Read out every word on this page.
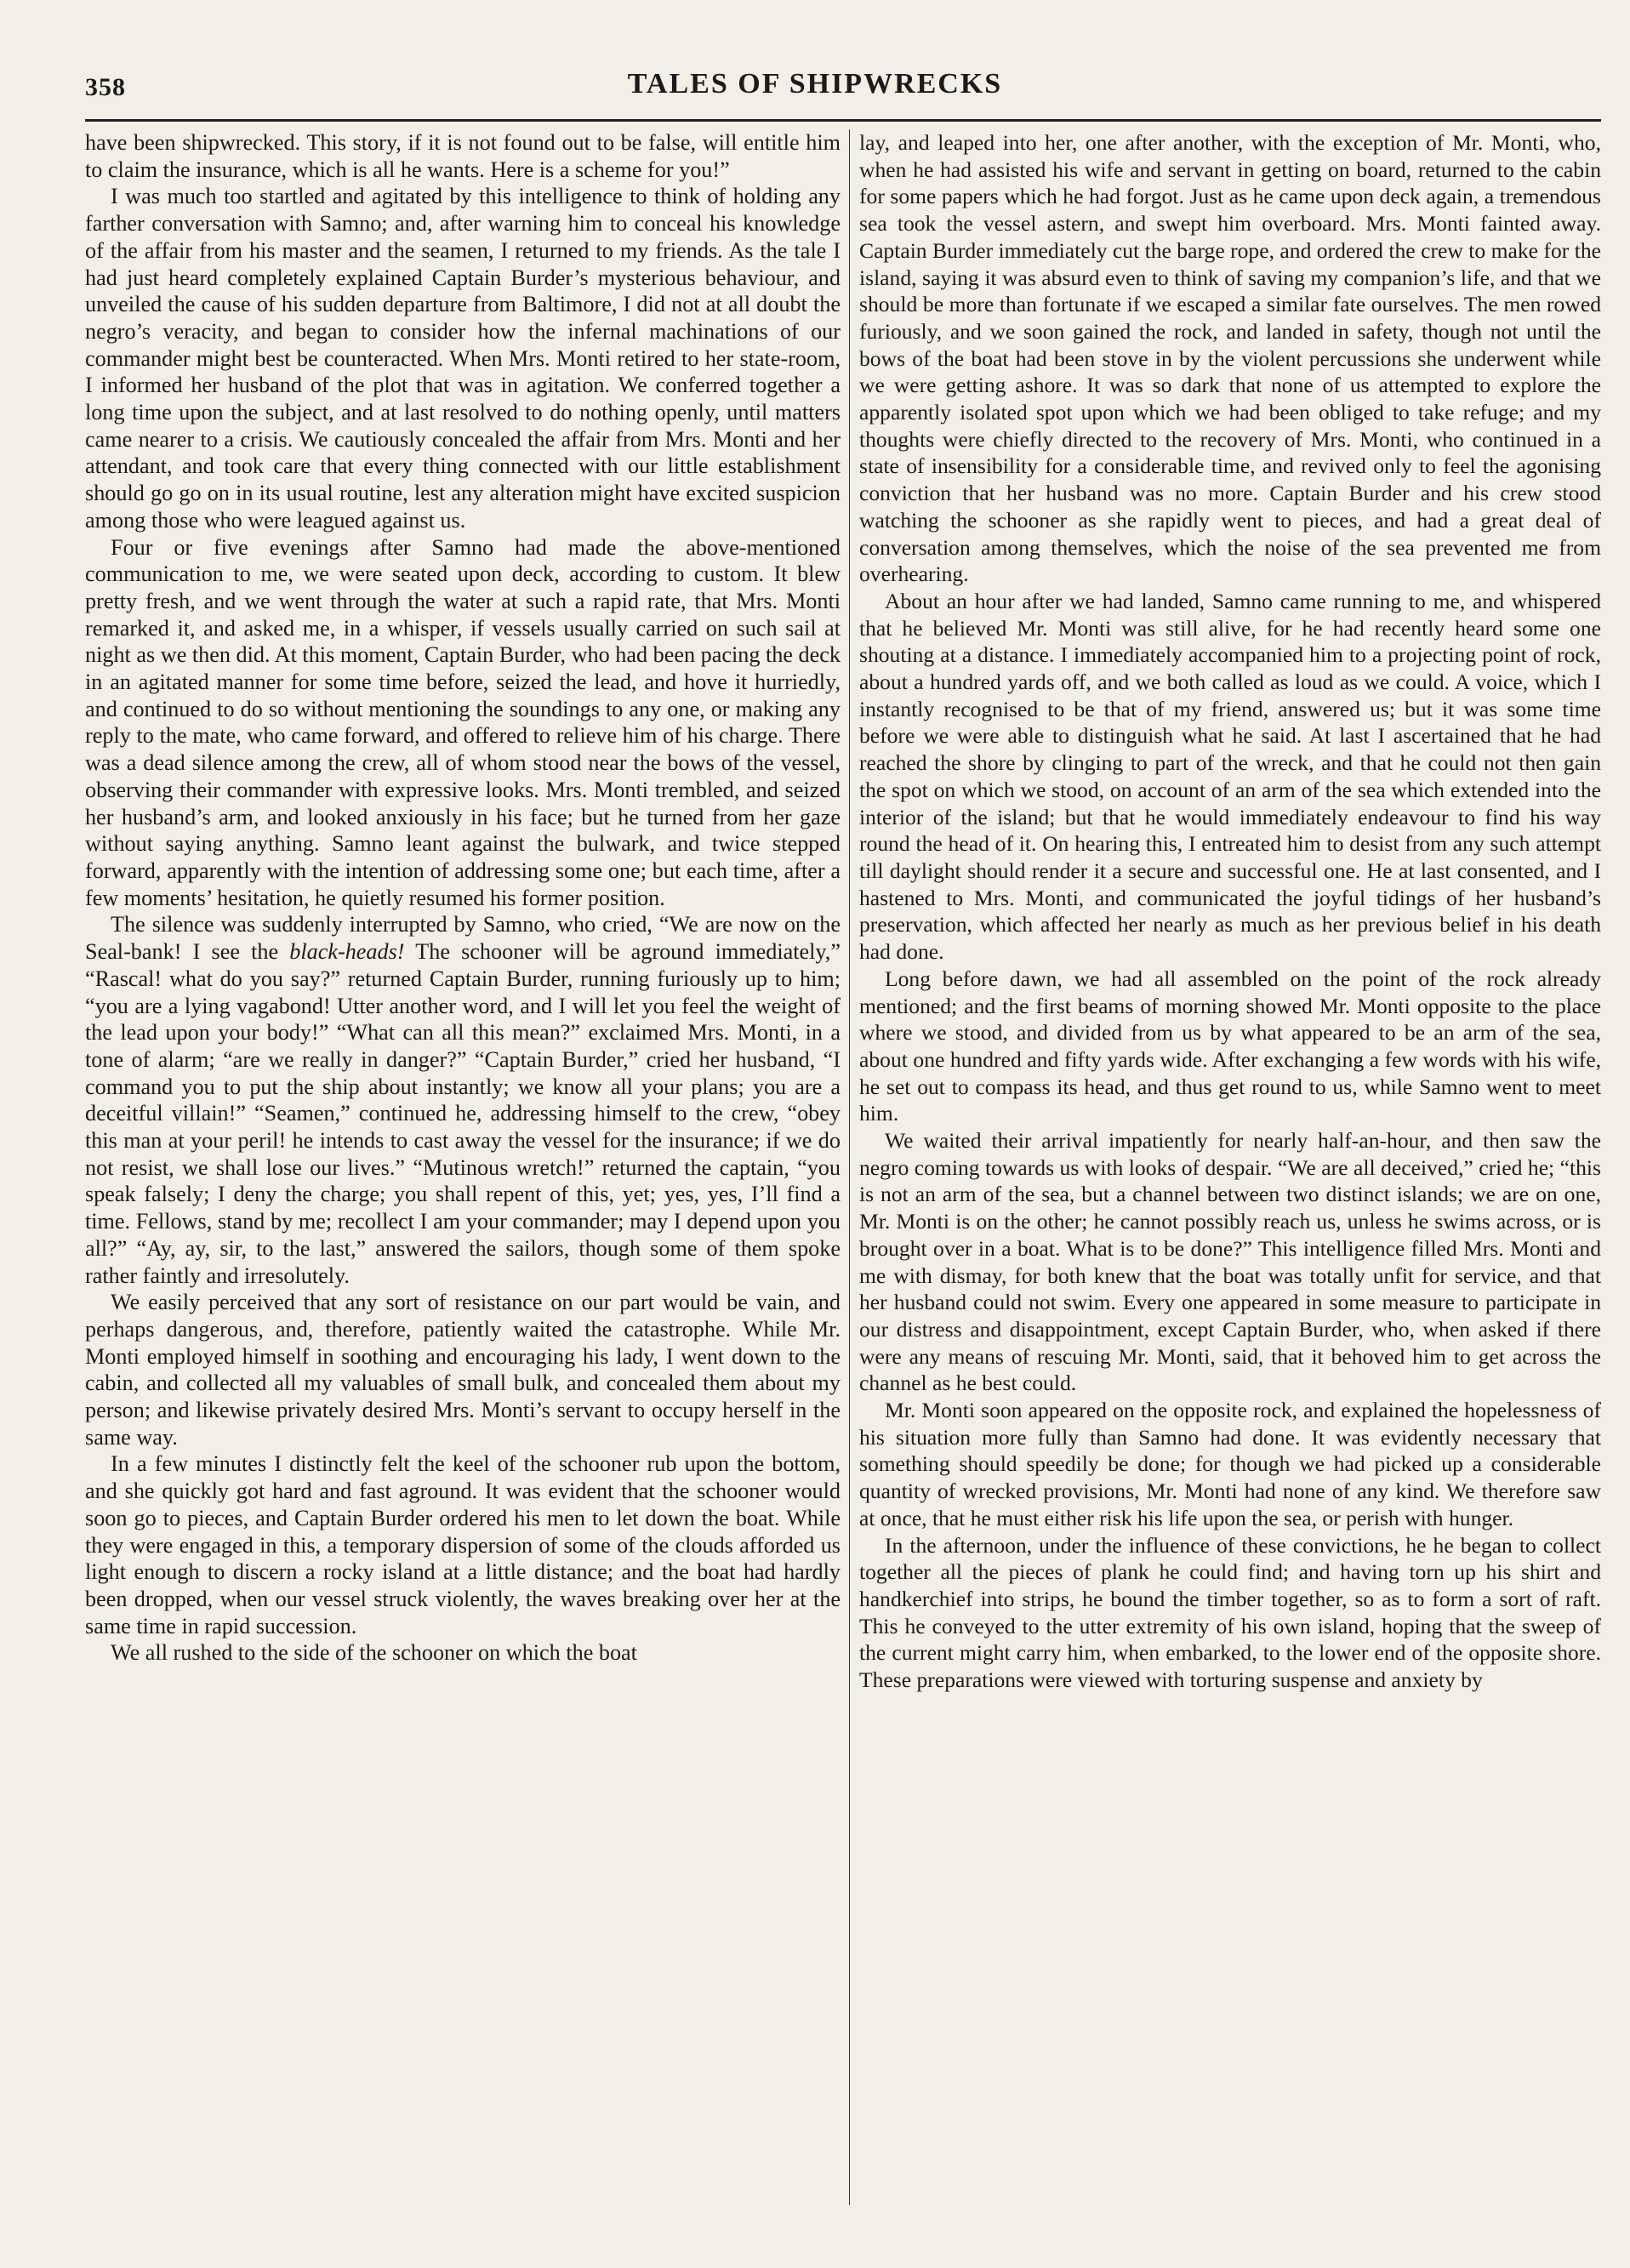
358	TALES OF SHIPWRECKS

have been shipwrecked. This story, if it is not found out to be false, will entitle him to claim the insurance, which is all he wants. Here is a scheme for you!”

I was much too startled and agitated by this intelligence to think of holding any farther conversation with Samno; and, after warning him to conceal his knowledge of the affair from his master and the seamen, I returned to my friends. As the tale I had just heard completely explained Captain Burder’s mysterious behaviour, and unveiled the cause of his sudden departure from Baltimore, I did not at all doubt the negro’s veracity, and began to consider how the infernal machinations of our commander might best be counteracted. When Mrs. Monti retired to her state-room, I informed her husband of the plot that was in agitation. We conferred together a long time upon the subject, and at last resolved to do nothing openly, until matters came nearer to a crisis. We cautiously concealed the affair from Mrs. Monti and her attendant, and took care that every thing connected with our little establishment should go go on in its usual routine, lest any alteration might have excited suspicion among those who were leagued against us.

Four or five evenings after Samno had made the above-mentioned communication to me, we were seated upon deck, according to custom. It blew pretty fresh, and we went through the water at such a rapid rate, that Mrs. Monti remarked it, and asked me, in a whisper, if vessels usually carried on such sail at night as we then did. At this moment, Captain Burder, who had been pacing the deck in an agitated manner for some time before, seized the lead, and hove it hurriedly, and continued to do so without mentioning the soundings to any one, or making any reply to the mate, who came forward, and offered to relieve him of his charge. There was a dead silence among the crew, all of whom stood near the bows of the vessel, observing their commander with expressive looks. Mrs. Monti trembled, and seized her husband’s arm, and looked anxiously in his face; but he turned from her gaze without saying anything. Samno leant against the bulwark, and twice stepped forward, apparently with the intention of addressing some one; but each time, after a few moments’ hesitation, he quietly resumed his former position.

The silence was suddenly interrupted by Samno, who cried, “We are now on the Seal-bank! I see the black-heads! The schooner will be aground immediately,” “Rascal! what do you say?” returned Captain Burder, running furiously up to him; “you are a lying vagabond! Utter another word, and I will let you feel the weight of the lead upon your body!” “What can all this mean?” exclaimed Mrs. Monti, in a tone of alarm; “are we really in danger?” “Captain Burder,” cried her husband, “I command you to put the ship about instantly; we know all your plans; you are a deceitful villain!” “Seamen,” continued he, addressing himself to the crew, “obey this man at your peril! he intends to cast away the vessel for the insurance; if we do not resist, we shall lose our lives.” “Mutinous wretch!” returned the captain, “you speak falsely; I deny the charge; you shall repent of this, yet; yes, yes, I’ll find a time. Fellows, stand by me; recollect I am your commander; may I depend upon you all?” “Ay, ay, sir, to the last,” answered the sailors, though some of them spoke rather faintly and irresolutely.

We easily perceived that any sort of resistance on our part would be vain, and perhaps dangerous, and, therefore, patiently waited the catastrophe. While Mr. Monti employed himself in soothing and encouraging his lady, I went down to the cabin, and collected all my valuables of small bulk, and concealed them about my person; and likewise privately desired Mrs. Monti’s servant to occupy herself in the same way.

In a few minutes I distinctly felt the keel of the schooner rub upon the bottom, and she quickly got hard and fast aground. It was evident that the schooner would soon go to pieces, and Captain Burder ordered his men to let down the boat. While they were engaged in this, a temporary dispersion of some of the clouds afforded us light enough to discern a rocky island at a little distance; and the boat had hardly been dropped, when our vessel struck violently, the waves breaking over her at the same time in rapid succession.

We all rushed to the side of the schooner on which the boat

lay, and leaped into her, one after another, with the exception of Mr. Monti, who, when he had assisted his wife and servant in getting on board, returned to the cabin for some papers which he had forgot. Just as he came upon deck again, a tremendous sea took the vessel astern, and swept him overboard. Mrs. Monti fainted away. Captain Burder immediately cut the barge rope, and ordered the crew to make for the island, saying it was absurd even to think of saving my companion’s life, and that we should be more than fortunate if we escaped a similar fate ourselves. The men rowed furiously, and we soon gained the rock, and landed in safety, though not until the bows of the boat had been stove in by the violent percussions she underwent while we were getting ashore. It was so dark that none of us attempted to explore the apparently isolated spot upon which we had been obliged to take refuge; and my thoughts were chiefly directed to the recovery of Mrs. Monti, who continued in a state of insensibility for a considerable time, and revived only to feel the agonising conviction that her husband was no more. Captain Burder and his crew stood watching the schooner as she rapidly went to pieces, and had a great deal of conversation among themselves, which the noise of the sea prevented me from overhearing.

About an hour after we had landed, Samno came running to me, and whispered that he believed Mr. Monti was still alive, for he had recently heard some one shouting at a distance. I immediately accompanied him to a projecting point of rock, about a hundred yards off, and we both called as loud as we could. A voice, which I instantly recognised to be that of my friend, answered us; but it was some time before we were able to distinguish what he said. At last I ascertained that he had reached the shore by clinging to part of the wreck, and that he could not then gain the spot on which we stood, on account of an arm of the sea which extended into the interior of the island; but that he would immediately endeavour to find his way round the head of it. On hearing this, I entreated him to desist from any such attempt till daylight should render it a secure and successful one. He at last consented, and I hastened to Mrs. Monti, and communicated the joyful tidings of her husband’s preservation, which affected her nearly as much as her previous belief in his death had done.

Long before dawn, we had all assembled on the point of the rock already mentioned; and the first beams of morning showed Mr. Monti opposite to the place where we stood, and divided from us by what appeared to be an arm of the sea, about one hundred and fifty yards wide. After exchanging a few words with his wife, he set out to compass its head, and thus get round to us, while Samno went to meet him.

We waited their arrival impatiently for nearly half-an-hour, and then saw the negro coming towards us with looks of despair. “We are all deceived,” cried he; “this is not an arm of the sea, but a channel between two distinct islands; we are on one, Mr. Monti is on the other; he cannot possibly reach us, unless he swims across, or is brought over in a boat. What is to be done?” This intelligence filled Mrs. Monti and me with dismay, for both knew that the boat was totally unfit for service, and that her husband could not swim. Every one appeared in some measure to participate in our distress and disappointment, except Captain Burder, who, when asked if there were any means of rescuing Mr. Monti, said, that it behoved him to get across the channel as he best could.

Mr. Monti soon appeared on the opposite rock, and explained the hopelessness of his situation more fully than Samno had done. It was evidently necessary that something should speedily be done; for though we had picked up a considerable quantity of wrecked provisions, Mr. Monti had none of any kind. We therefore saw at once, that he must either risk his life upon the sea, or perish with hunger.

In the afternoon, under the influence of these convictions, he he began to collect together all the pieces of plank he could find; and having torn up his shirt and handkerchief into strips, he bound the timber together, so as to form a sort of raft. This he conveyed to the utter extremity of his own island, hoping that the sweep of the current might carry him, when embarked, to the lower end of the opposite shore. These preparations were viewed with torturing suspense and anxiety by
